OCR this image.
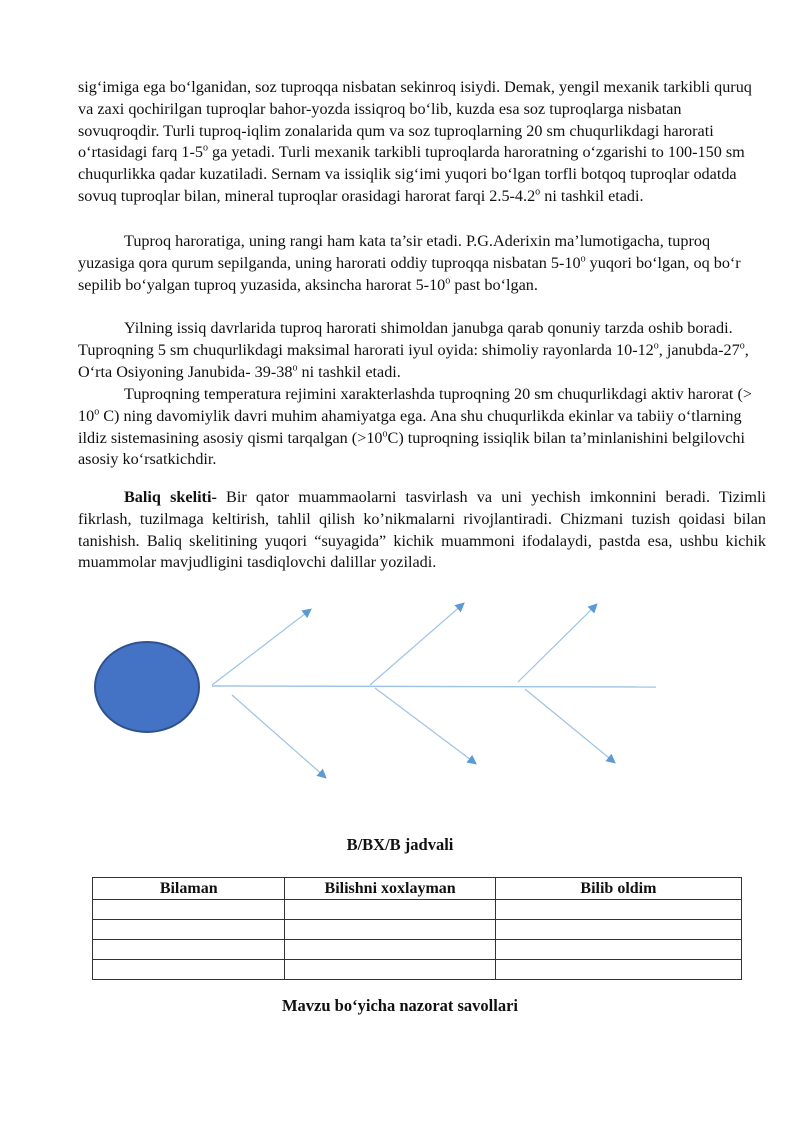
sig‘imiga ega bo‘lganidan, soz tuproqqa nisbatan sekinroq isiydi. Demak, yengil mexanik tarkibli quruq va zaxi qochirilgan tuproqlar bahor-yozda issiqroq bo‘lib, kuzda esa soz tuproqlarga nisbatan sovuqroqdir. Turli tuproq-iqlim zonalarida qum va soz tuproqlarning 20 sm chuqurlikdagi harorati o‘rtasidagi farq 1-5$^o$ ga yetadi. Turli mexanik tarkibli tuproqlarda haroratning o‘zgarishi to 100-150 sm chuqurlikka qadar kuzatiladi. Sernam va issiqlik sig‘imi yuqori bo‘lgan torfli botqoq tuproqlar odatda sovuq tuproqlar bilan, mineral tuproqlar orasidagi harorat farqi 2.5-4.2$^o$ ni tashkil etadi.

Tuproq haroratiga, uning rangi ham kata ta’sir etadi. P.G.Aderixin ma’lumotigacha, tuproq yuzasiga qora qurum sepilganda, uning harorati oddiy tuproqqa nisbatan 5-10$^o$ yuqori bo‘lgan, oq bo‘r sepilib bo‘yalgan tuproq yuzasida, aksincha harorat 5-10$^o$ past bo‘lgan.

Yilning issiq davrlarida tuproq harorati shimoldan janubga qarab qonuniy tarzda oshib boradi. Tuproqning 5 sm chuqurlikdagi maksimal harorati iyul oyida: shimoliy rayonlarda 10-12$^o$, janubda-27$^o$, O‘rta Osiyoning Janubida- 39-38$^o$ ni tashkil etadi.

Tuproqning temperatura rejimini xarakterlashda tuproqning 20 sm chuqurlikdagi aktiv harorat (> $10^o$ C) ning davomiylik davri muhim ahamiyatga ega. Ana shu chuqurlikda ekinlar va tabiiy o‘tlarning ildiz sistemasining asosiy qismi tarqalgan $(>10^oC)$ tuproqning issiqlik bilan ta’minlanishini belgilovchi asosiy ko‘rsatkichdir.

Baliq skeliti- Bir qator muammaolarni tasvirlash va uni yechish imkonnini beradi. Tizimli fikrlash, tuzilmaga keltirish, tahlil qilish ko’nikmalarni rivojlantiradi. Chizmani tuzish qoidasi bilan tanishish. Baliq skelitining yuqori “suyagida” kichik muammoni ifodalaydi, pastda esa, ushbu kichik muammolar mavjudligini tasdiqlovchi dalillar yoziladi.

B/BX/B jadvali

Bilaman	Bilishni xoxlayman	Bilib oldim

Mavzu bo‘yicha nazorat savollari
